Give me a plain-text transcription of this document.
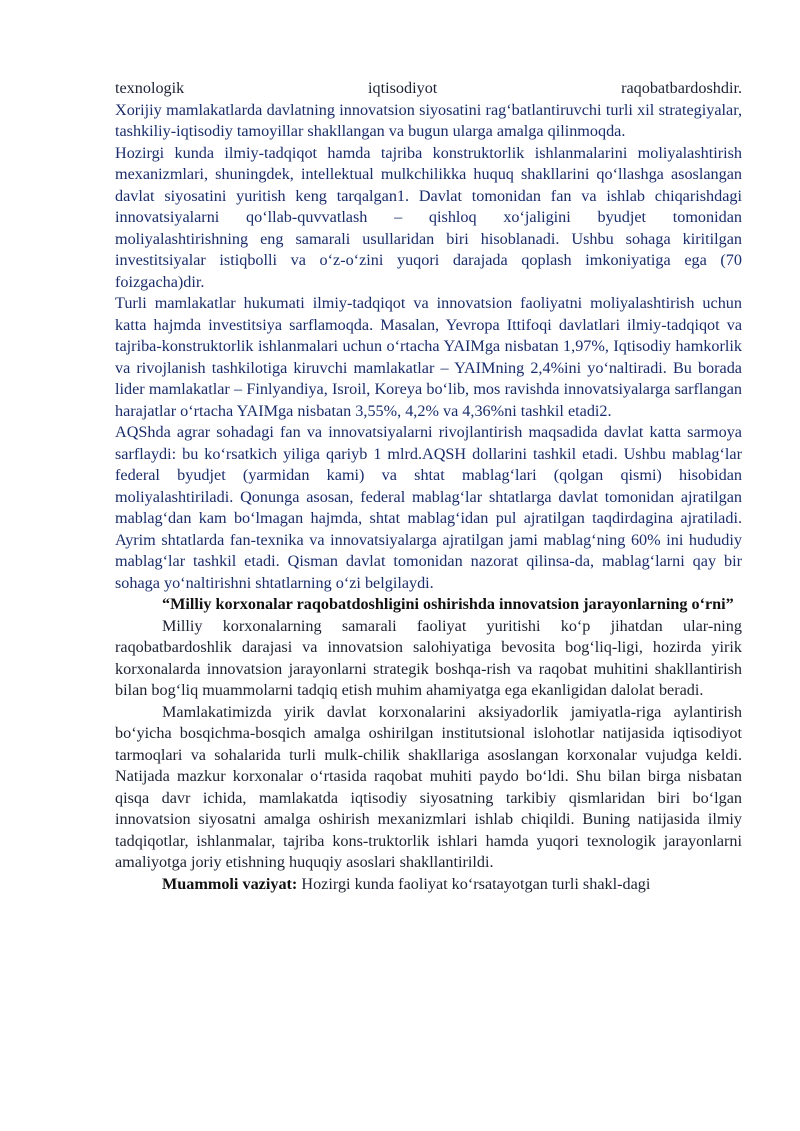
texnologik iqtisodiyot raqobatbardoshdir.

Xorijiy mamlakatlarda davlatning innovatsion siyosatini rag‘batlantiruvchi turli xil strategiyalar, tashkiliy-iqtisodiy tamoyillar shakllangan va bugun ularga amalga qilinmoqda.

Hozirgi kunda ilmiy-tadqiqot hamda tajriba konstruktorlik ishlanmalarini moliyalashtirish mexanizmlari, shuningdek, intellektual mulkchilikka huquq shakllarini qo‘llashga asoslangan davlat siyosatini yuritish keng tarqalgan1. Davlat tomonidan fan va ishlab chiqarishdagi innovatsiyalarni qo‘llab-quvvatlash – qishloq xo‘jaligini byudjet tomonidan moliyalashtirishning eng samarali usullaridan biri hisoblanadi. Ushbu sohaga kiritilgan investitsiyalar istiqbolli va o‘z-o‘zini yuqori darajada qoplash imkoniyatiga ega (70 foizgacha)dir.

Turli mamlakatlar hukumati ilmiy-tadqiqot va innovatsion faoliyatni moliyalashtirish uchun katta hajmda investitsiya sarflamoqda. Masalan, Yevropa Ittifoqi davlatlari ilmiy-tadqiqot va tajriba-konstruktorlik ishlanmalari uchun o‘rtacha YAIMga nisbatan 1,97%, Iqtisodiy hamkorlik va rivojlanish tashkilotiga kiruvchi mamlakatlar – YAIMning 2,4%ini yo‘naltiradi. Bu borada lider mamlakatlar – Finlyandiya, Isroil, Koreya bo‘lib, mos ravishda innovatsiyalarga sarflangan harajatlar o‘rtacha YAIMga nisbatan 3,55%, 4,2% va 4,36%ni tashkil etadi2.

AQShda agrar sohadagi fan va innovatsiyalarni rivojlantirish maqsadida davlat katta sarmoya sarflaydi: bu ko‘rsatkich yiliga qariyb 1 mlrd.AQSH dollarini tashkil etadi. Ushbu mablag‘lar federal byudjet (yarmidan kami) va shtat mablag‘lari (qolgan qismi) hisobidan moliyalashtiriladi. Qonunga asosan, federal mablag‘lar shtatlarga davlat tomonidan ajratilgan mablag‘dan kam bo‘lmagan hajmda, shtat mablag‘idan pul ajratilgan taqdirdagina ajratiladi. Ayrim shtatlarda fan-texnika va innovatsiyalarga ajratilgan jami mablag‘ning 60% ini hududiy mablag‘lar tashkil etadi. Qisman davlat tomonidan nazorat qilinsa-da, mablag‘larni qay bir sohaga yo‘naltirishni shtatlarning o‘zi belgilaydi.

“Milliy korxonalar raqobatdoshligini oshirishda innovatsion jarayonlarning o‘rni”

Milliy korxonalarning samarali faoliyat yuritishi ko‘p jihatdan ular-ning raqobatbardoshlik darajasi va innovatsion salohiyatiga bevosita bog‘liq-ligi, hozirda yirik korxonalarda innovatsion jarayonlarni strategik boshqa-rish va raqobat muhitini shakllantirish bilan bog‘liq muammolarni tadqiq etish muhim ahamiyatga ega ekanligidan dalolat beradi.

Mamlakatimizda yirik davlat korxonalarini aksiyadorlik jamiyatla-riga aylantirish bo‘yicha bosqichma-bosqich amalga oshirilgan institutsional islohotlar natijasida iqtisodiyot tarmoqlari va sohalarida turli mulk-chilik shakllariga asoslangan korxonalar vujudga keldi. Natijada mazkur korxonalar o‘rtasida raqobat muhiti paydo bo‘ldi. Shu bilan birga nisbatan qisqa davr ichida, mamlakatda iqtisodiy siyosatning tarkibiy qismlaridan biri bo‘lgan innovatsion siyosatni amalga oshirish mexanizmlari ishlab chiqildi. Buning natijasida ilmiy tadqiqotlar, ishlanmalar, tajriba kons-truktorlik ishlari hamda yuqori texnologik jarayonlarni amaliyotga joriy etishning huquqiy asoslari shakllantirildi.

Muammoli vaziyat: Hozirgi kunda faoliyat ko‘rsatayotgan turli shakl-dagi
